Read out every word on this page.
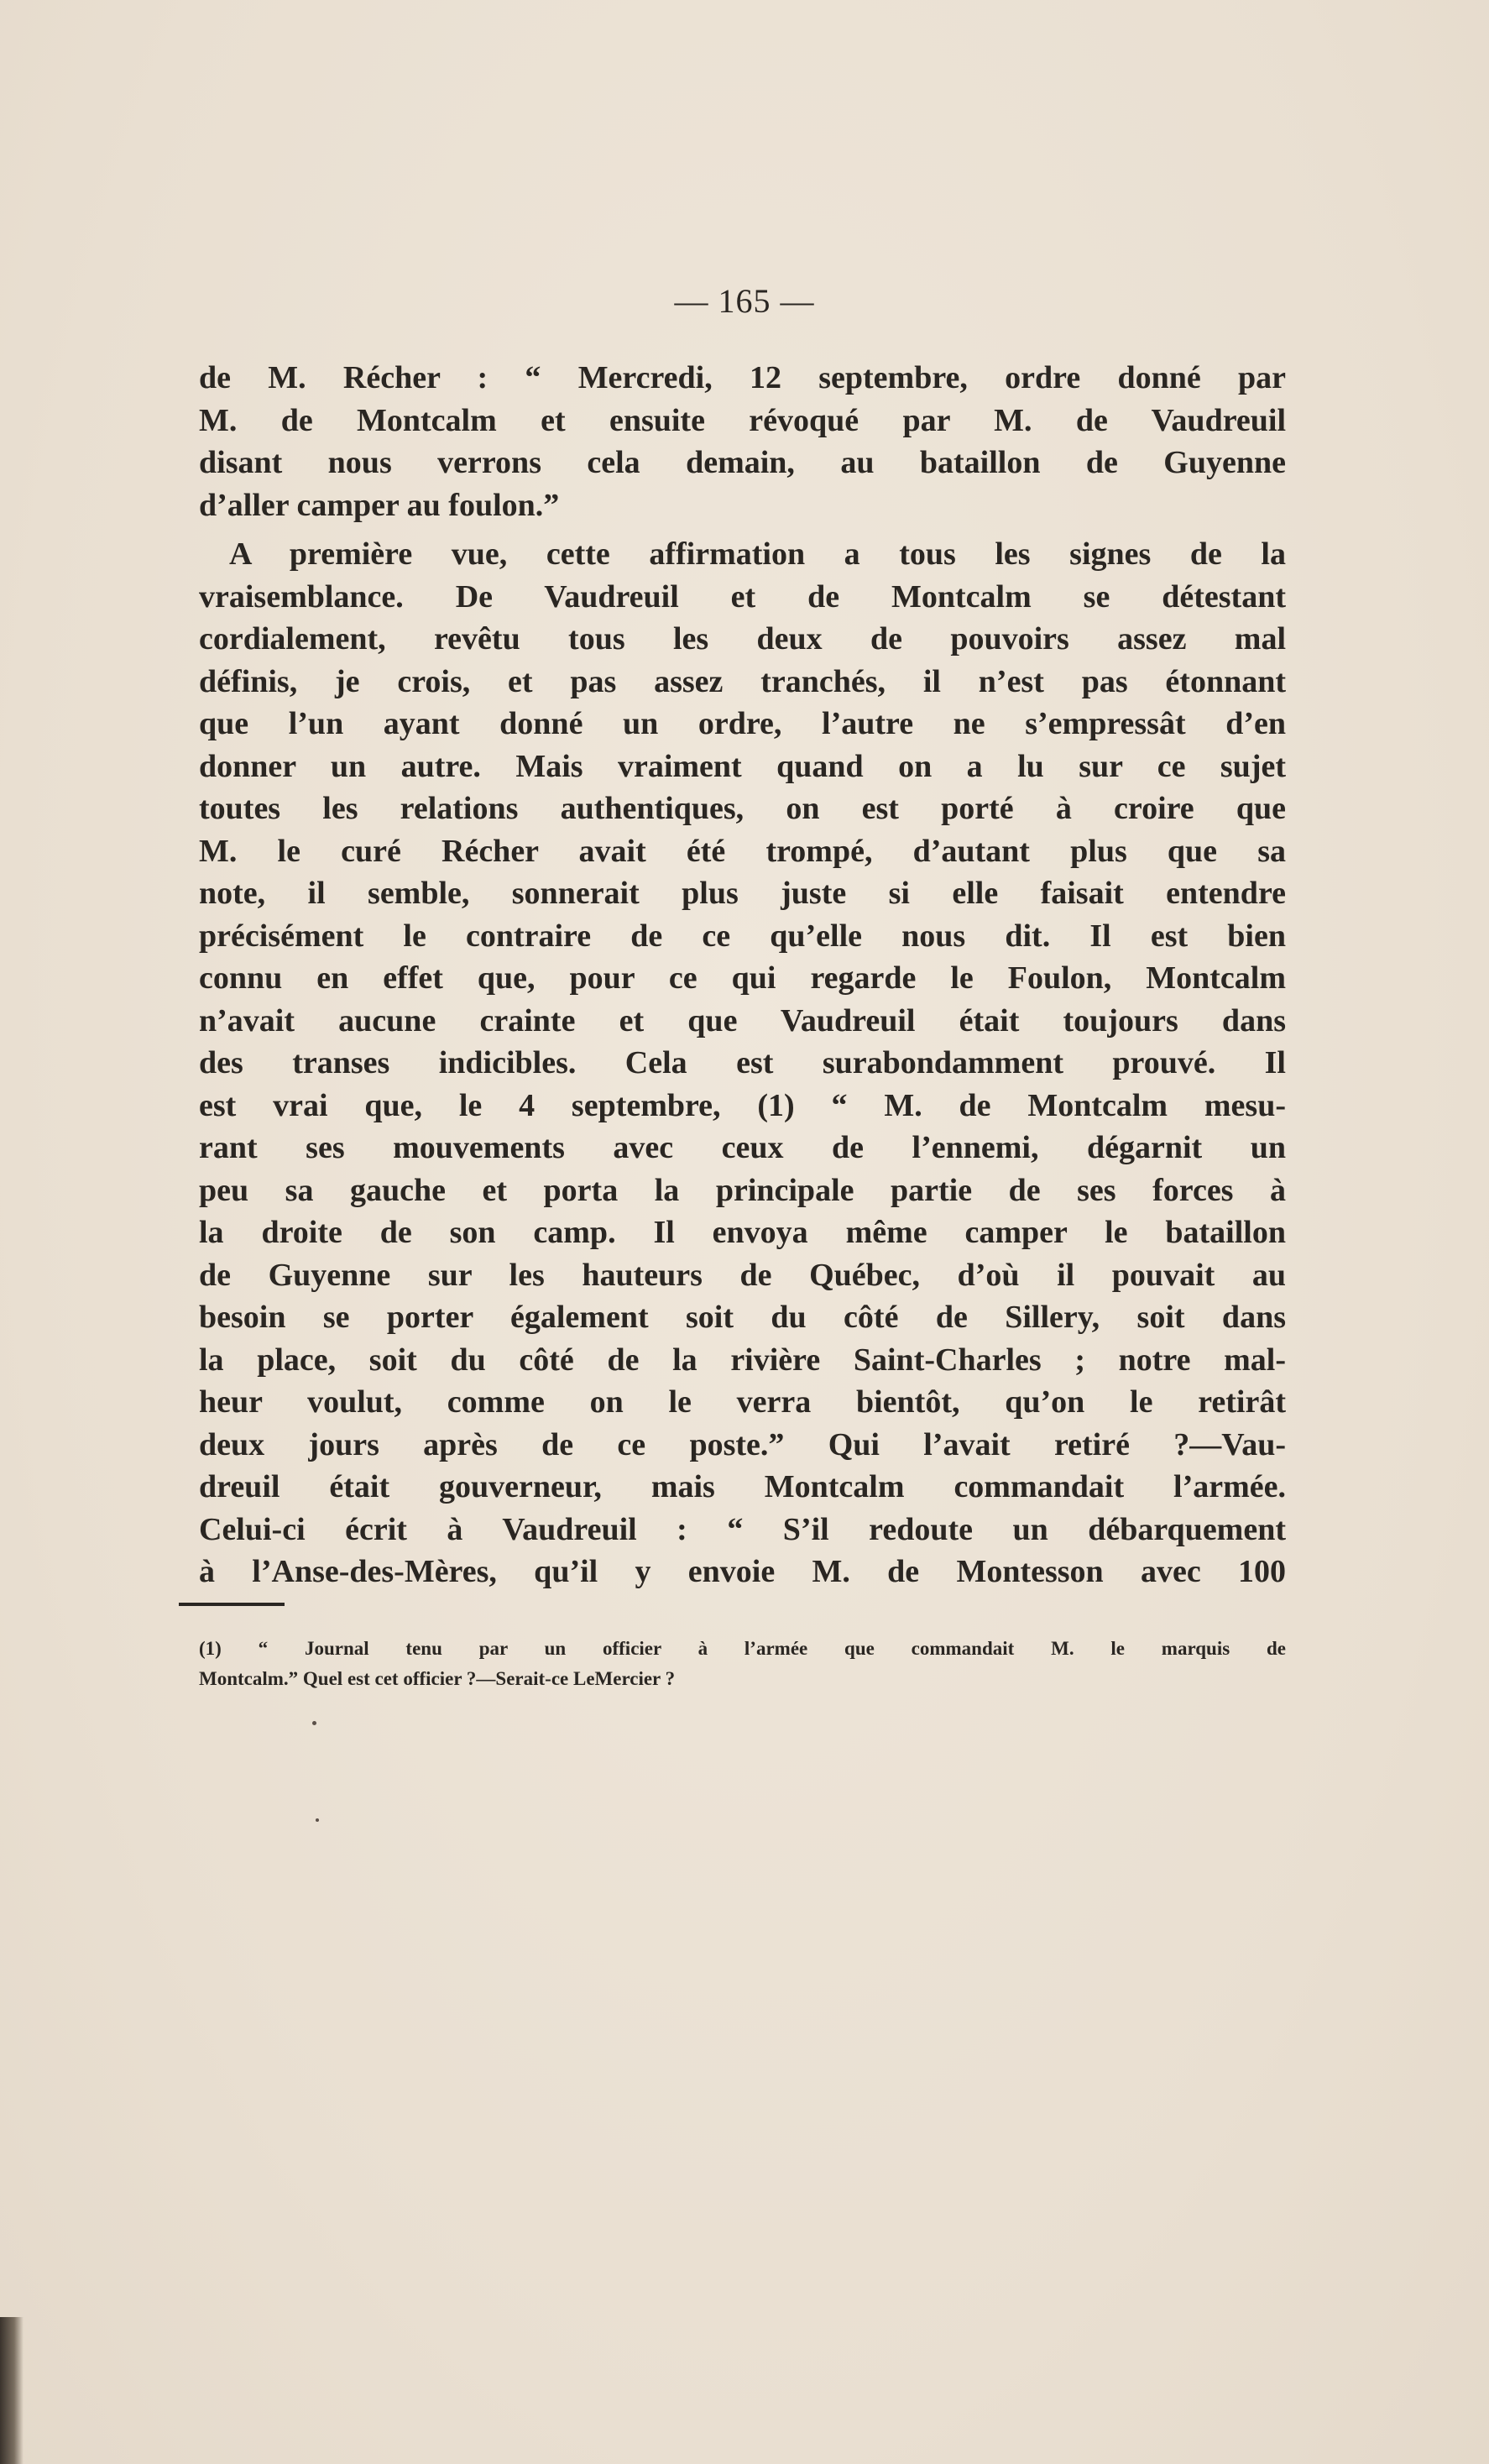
— 165 —
de M. Récher : “ Mercredi, 12 septembre, ordre donné par
M. de Montcalm et ensuite révoqué par M. de Vaudreuil
disant nous verrons cela demain, au bataillon de Guyenne
d’aller camper au foulon.”
A première vue, cette affirmation a tous les signes de la
vraisemblance. De Vaudreuil et de Montcalm se détestant
cordialement, revêtu tous les deux de pouvoirs assez mal
définis, je crois, et pas assez tranchés, il n’est pas étonnant
que l’un ayant donné un ordre, l’autre ne s’empressât d’en
donner un autre. Mais vraiment quand on a lu sur ce sujet
toutes les relations authentiques, on est porté à croire que
M. le curé Récher avait été trompé, d’autant plus que sa
note, il semble, sonnerait plus juste si elle faisait entendre
précisément le contraire de ce qu’elle nous dit. Il est bien
connu en effet que, pour ce qui regarde le Foulon, Montcalm
n’avait aucune crainte et que Vaudreuil était toujours dans
des transes indicibles. Cela est surabondamment prouvé. Il
est vrai que, le 4 septembre, (1) “ M. de Montcalm mesu-
rant ses mouvements avec ceux de l’ennemi, dégarnit un
peu sa gauche et porta la principale partie de ses forces à
la droite de son camp. Il envoya même camper le bataillon
de Guyenne sur les hauteurs de Québec, d’où il pouvait au
besoin se porter également soit du côté de Sillery, soit dans
la place, soit du côté de la rivière Saint-Charles ; notre mal-
heur voulut, comme on le verra bientôt, qu’on le retirât
deux jours après de ce poste.” Qui l’avait retiré ?—Vau-
dreuil était gouverneur, mais Montcalm commandait l’armée.
Celui-ci écrit à Vaudreuil : “ S’il redoute un débarquement
à l’Anse-des-Mères, qu’il y envoie M. de Montesson avec 100
(1) “ Journal tenu par un officier à l’armée que commandait M. le marquis de
Montcalm.” Quel est cet officier ?—Serait-ce LeMercier ?
